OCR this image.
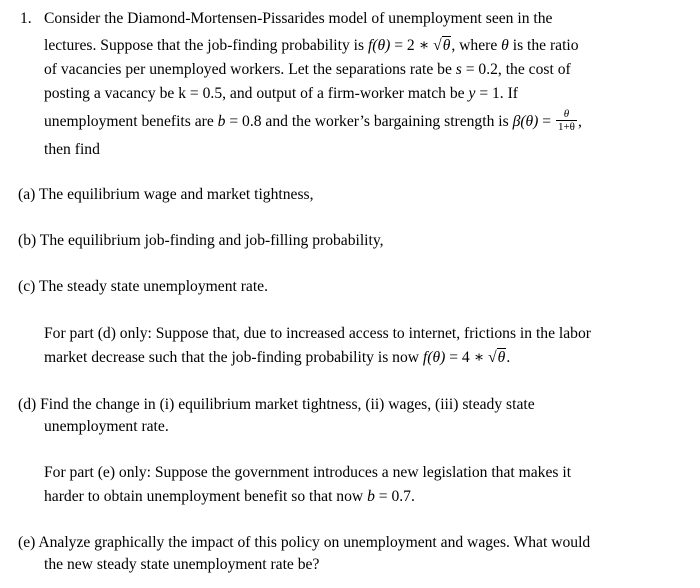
1. Consider the Diamond-Mortensen-Pissarides model of unemployment seen in the
lectures. Suppose that the job-finding probability is f(θ) = 2 ∗ √θ, where θ is the ratio
of vacancies per unemployed workers. Let the separations rate be s = 0.2, the cost of
posting a vacancy be k = 0.5, and output of a firm-worker match be y = 1. If
unemployment benefits are b = 0.8 and the worker’s bargaining strength is $\beta(\theta) = \frac{\theta}{1+\theta}$ ,
then find
(a) The equilibrium wage and market tightness,
(b) The equilibrium job-finding and job-filling probability,
(c) The steady state unemployment rate.
For part (d) only: Suppose that, due to increased access to internet, frictions in the labor
market decrease such that the job-finding probability is now f(θ) = 4 ∗ √θ.
(d) Find the change in (i) equilibrium market tightness, (ii) wages, (iii) steady state
unemployment rate.
For part (e) only: Suppose the government introduces a new legislation that makes it
harder to obtain unemployment benefit so that now b = 0.7.
(e) Analyze graphically the impact of this policy on unemployment and wages. What would
the new steady state unemployment rate be?
